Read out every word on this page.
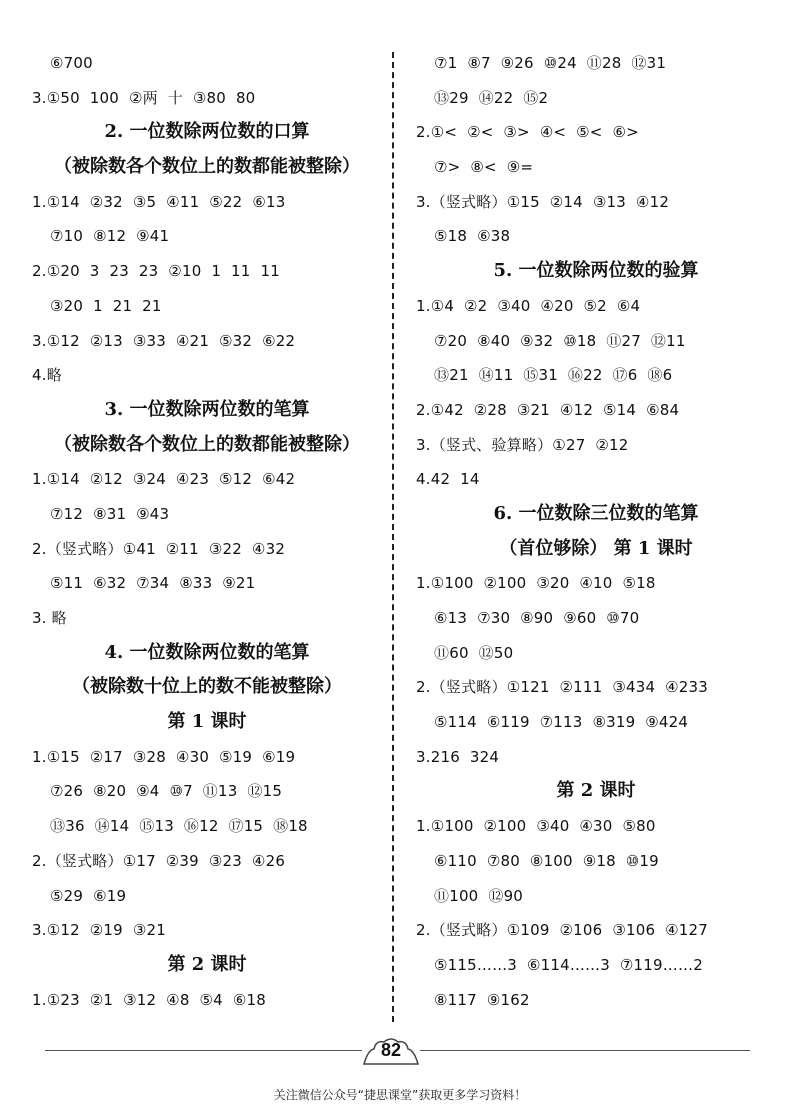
⑥700
3.①50  100  ②两  十  ③80  80
2. 一位数除两位数的口算
（被除数各个数位上的数都能被整除）
1.①14  ②32  ③5  ④11  ⑤22  ⑥13
⑦10  ⑧12  ⑨41
2.①20  3  23  23  ②10  1  11  11
③20  1  21  21
3.①12  ②13  ③33  ④21  ⑤32  ⑥22
4.略
3. 一位数除两位数的笔算
（被除数各个数位上的数都能被整除）
1.①14  ②12  ③24  ④23  ⑤12  ⑥42
⑦12  ⑧31  ⑨43
2.（竖式略）①41  ②11  ③22  ④32
⑤11  ⑥32  ⑦34  ⑧33  ⑨21
3. 略
4. 一位数除两位数的笔算
（被除数十位上的数不能被整除）
第 1 课时
1.①15  ②17  ③28  ④30  ⑤19  ⑥19
⑦26  ⑧20  ⑨4  ⑩7  ⑪13  ⑫15
⑬36  ⑭14  ⑮13  ⑯12  ⑰15  ⑱18
2.（竖式略）①17  ②39  ③23  ④26
⑤29  ⑥19
3.①12  ②19  ③21
第 2 课时
1.①23  ②1  ③12  ④8  ⑤4  ⑥18
⑦1  ⑧7  ⑨26  ⑩24  ⑪28  ⑫31
⑬29  ⑭22  ⑮2
2.①<  ②<  ③>  ④<  ⑤<  ⑥>
⑦>  ⑧<  ⑨=
3.（竖式略）①15  ②14  ③13  ④12
⑤18  ⑥38
5. 一位数除两位数的验算
1.①4  ②2  ③40  ④20  ⑤2  ⑥4
⑦20  ⑧40  ⑨32  ⑩18  ⑪27  ⑫11
⑬21  ⑭11  ⑮31  ⑯22  ⑰6  ⑱6
2.①42  ②28  ③21  ④12  ⑤14  ⑥84
3.（竖式、验算略）①27  ②12
4.42  14
6. 一位数除三位数的笔算
（首位够除） 第 1 课时
1.①100  ②100  ③20  ④10  ⑤18
⑥13  ⑦30  ⑧90  ⑨60  ⑩70
⑪60  ⑫50
2.（竖式略）①121  ②111  ③434  ④233
⑤114  ⑥119  ⑦113  ⑧319  ⑨424
3.216  324
第 2 课时
1.①100  ②100  ③40  ④30  ⑤80
⑥110  ⑦80  ⑧100  ⑨18  ⑩19
⑪100  ⑫90
2.（竖式略）①109  ②106  ③106  ④127
⑤115……3  ⑥114……3  ⑦119……2
⑧117  ⑨162
82
关注微信公众号“捷思课堂”获取更多学习资料！
